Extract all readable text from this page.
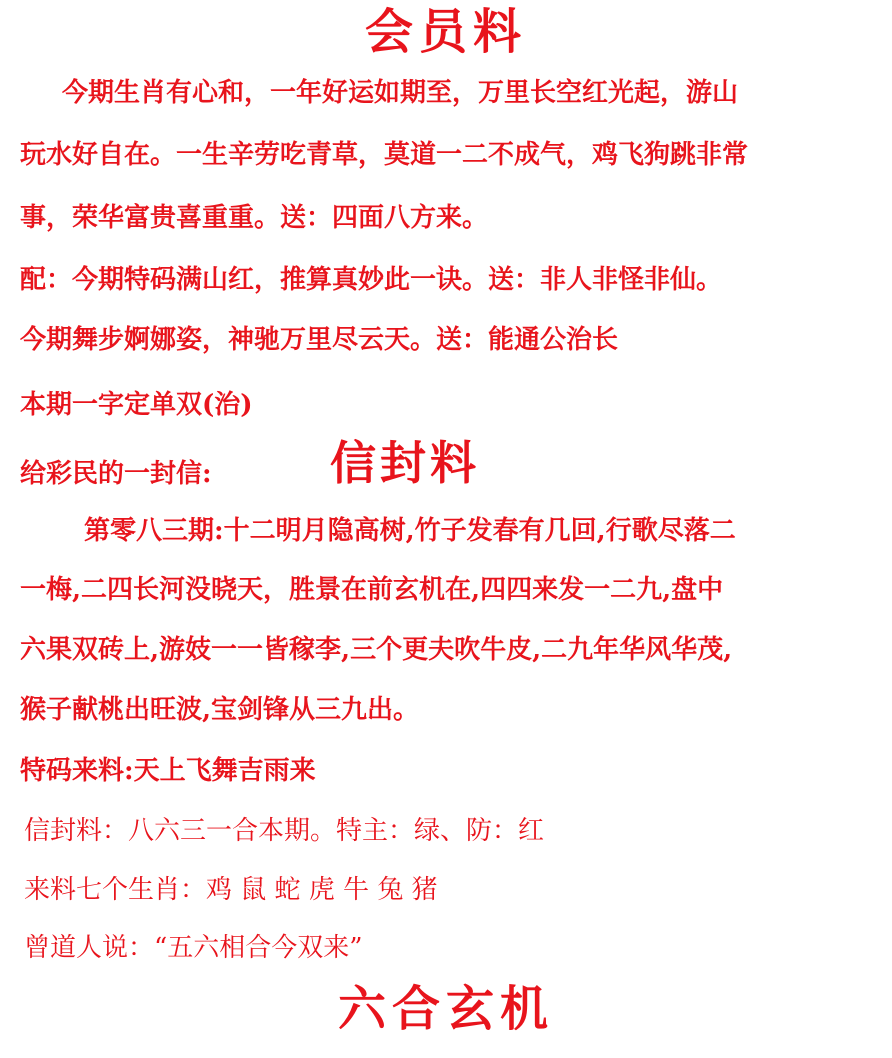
会员料
今期生肖有心和，一年好运如期至，万里长空红光起，游山
玩水好自在。一生辛劳吃青草，莫道一二不成气，鸡飞狗跳非常
事，荣华富贵喜重重。送：四面八方来。
配：今期特码满山红，推算真妙此一诀。送：非人非怪非仙。
今期舞步婀娜姿，神驰万里尽云天。送：能通公治长
本期一字定单双(治)
给彩民的一封信:	信封料
第零八三期:十二明月隐高树,竹子发春有几回,行歌尽落二
一梅,二四长河没晓天，胜景在前玄机在,四四来发一二九,盘中
六果双砖上,游妓一一皆稼李,三个更夫吹牛皮,二九年华风华茂,
猴子献桃出旺波,宝剑锋从三九出。
特码来料:天上飞舞吉雨来
信封料：八六三一合本期。特主：绿、防：红
来料七个生肖：鸡 鼠 蛇 虎 牛 兔 猪
曾道人说：“五六相合今双来”
六合玄机
